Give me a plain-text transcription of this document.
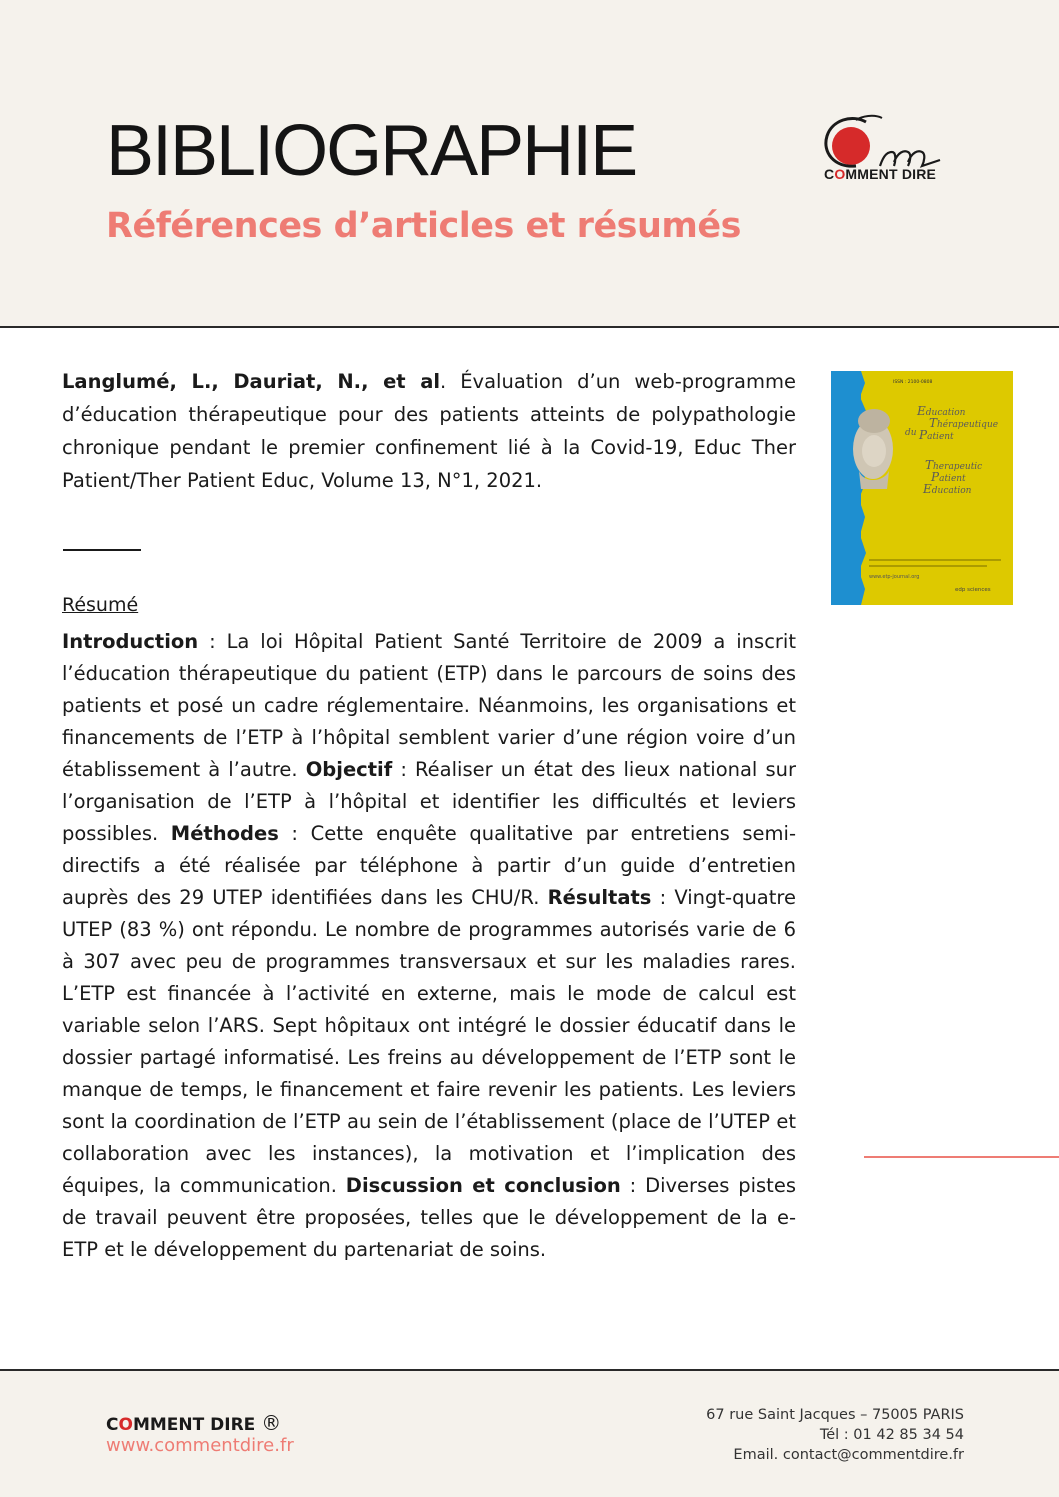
BIBLIOGRAPHIE
Références d’articles et résumés
COMMENT DIRE

Langlumé, L., Dauriat, N., et al. Évaluation d’un web-programme d’éducation thérapeutique pour des patients atteints de polypathologie chronique pendant le premier confinement lié à la Covid-19, Educ Ther Patient/Ther Patient Educ, Volume 13, N°1, 2021.

ISSN : 2100-0808
Education
Thérapeutique
du Patient
Therapeutic
Patient
Education
www.etp-journal.org
edp sciences
Résumé

Introduction : La loi Hôpital Patient Santé Territoire de 2009 a inscrit l’éducation thérapeutique du patient (ETP) dans le parcours de soins des patients et posé un cadre réglementaire. Néanmoins, les organisations et financements de l’ETP à l’hôpital semblent varier d’une région voire d’un établissement à l’autre. Objectif : Réaliser un état des lieux national sur l’organisation de l’ETP à l’hôpital et identifier les difficultés et leviers possibles. Méthodes : Cette enquête qualitative par entretiens semi-directifs a été réalisée par téléphone à partir d’un guide d’entretien auprès des 29 UTEP identifiées dans les CHU/R. Résultats : Vingt-quatre UTEP (83 %) ont répondu. Le nombre de programmes autorisés varie de 6 à 307 avec peu de programmes transversaux et sur les maladies rares. L’ETP est financée à l’activité en externe, mais le mode de calcul est variable selon l’ARS. Sept hôpitaux ont intégré le dossier éducatif dans le dossier partagé informatisé. Les freins au développement de l’ETP sont le manque de temps, le financement et faire revenir les patients. Les leviers sont la coordination de l’ETP au sein de l’établissement (place de l’UTEP et collaboration avec les instances), la motivation et l’implication des équipes, la communication. Discussion et conclusion : Diverses pistes de travail peuvent être proposées, telles que le développement de la e-ETP et le développement du partenariat de soins.

COMMENT DIRE ®
www.commentdire.fr
67 rue Saint Jacques – 75005 PARIS
Tél : 01 42 85 34 54
Email. contact@commentdire.fr
